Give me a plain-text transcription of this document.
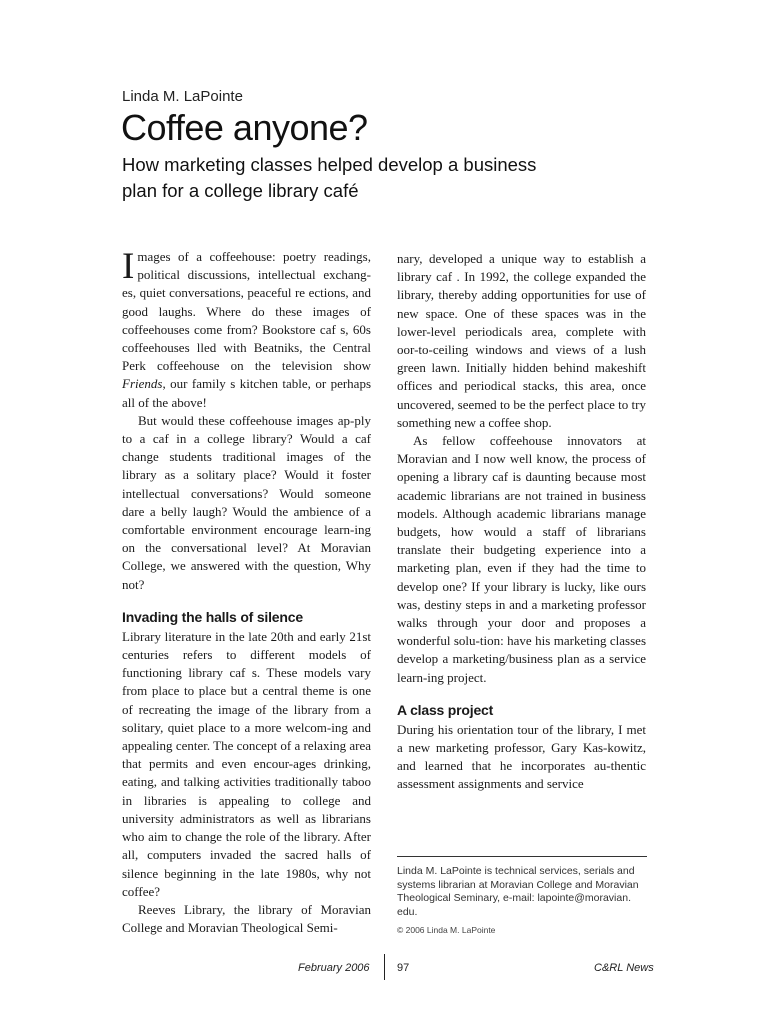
Linda M. LaPointe
Coffee anyone?
How marketing classes helped develop a business plan for a college library café

Images of a coffeehouse: poetry readings, political discussions, intellectual exchang-es, quiet conversations, peaceful re ections, and good laughs. Where do these images of coffeehouses come from? Bookstore caf s, 60s coffeehouses lled with Beatniks, the Central Perk coffeehouse on the television show Friends, our family s kitchen table, or perhaps all of the above!

But would these coffeehouse images ap-ply to a caf in a college library? Would a caf change students traditional images of the library as a solitary place? Would it foster intellectual conversations? Would someone dare a belly laugh? Would the ambience of a comfortable environment encourage learn-ing on the conversational level? At Moravian College, we answered with the question, Why not?

Invading the halls of silence

Library literature in the late 20th and early 21st centuries refers to different models of functioning library caf s. These models vary from place to place but a central theme is one of recreating the image of the library from a solitary, quiet place to a more welcom-ing and appealing center. The concept of a relaxing area that permits and even encour-ages drinking, eating, and talking activities traditionally taboo in libraries is appealing to college and university administrators as well as librarians who aim to change the role of the library. After all, computers invaded the sacred halls of silence beginning in the late 1980s, why not coffee?

Reeves Library, the library of Moravian College and Moravian Theological Semi-

nary, developed a unique way to establish a library caf . In 1992, the college expanded the library, thereby adding opportunities for use of new space. One of these spaces was in the lower-level periodicals area, complete with oor-to-ceiling windows and views of a lush green lawn. Initially hidden behind makeshift offices and periodical stacks, this area, once uncovered, seemed to be the perfect place to try something new a coffee shop.

As fellow coffeehouse innovators at Moravian and I now well know, the process of opening a library caf is daunting because most academic librarians are not trained in business models. Although academic librarians manage budgets, how would a staff of librarians translate their budgeting experience into a marketing plan, even if they had the time to develop one? If your library is lucky, like ours was, destiny steps in and a marketing professor walks through your door and proposes a wonderful solu-tion: have his marketing classes develop a marketing/business plan as a service learn-ing project.

A class project

During his orientation tour of the library, I met a new marketing professor, Gary Kas-kowitz, and learned that he incorporates au-thentic assessment assignments and service

Linda M. LaPointe is technical services, serials and systems librarian at Moravian College and Moravian Theological Seminary, e-mail: lapointe@moravian. edu.
© 2006 Linda M. LaPointe
February 2006 97	C&RL News
